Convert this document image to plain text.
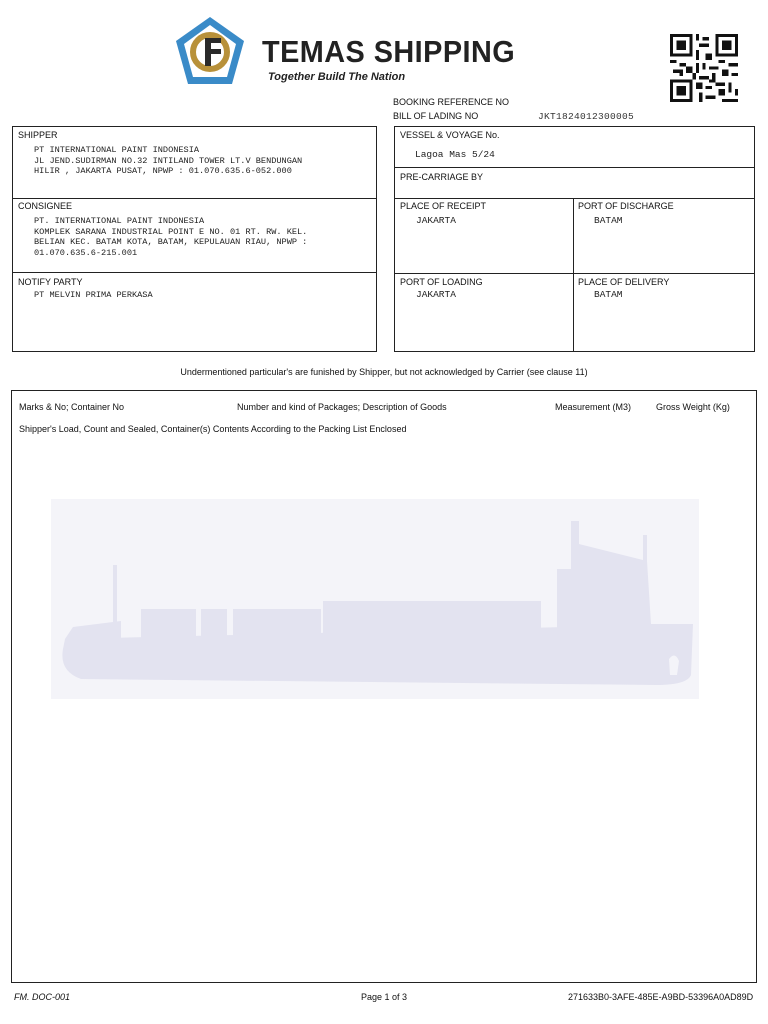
TEMAS SHIPPING
Together Build The Nation
BOOKING REFERENCE NO
BILL OF LADING NO	JKT1824012300005
SHIPPER
PT INTERNATIONAL PAINT INDONESIA
JL JEND.SUDIRMAN NO.32 INTILAND TOWER LT.V BENDUNGAN
HILIR , JAKARTA PUSAT, NPWP : 01.070.635.6-052.000
CONSIGNEE
PT. INTERNATIONAL PAINT INDONESIA
KOMPLEK SARANA INDUSTRIAL POINT E NO. 01 RT. RW. KEL.
BELIAN KEC. BATAM KOTA, BATAM, KEPULAUAN RIAU, NPWP :
01.070.635.6-215.001
NOTIFY PARTY
PT MELVIN PRIMA PERKASA
VESSEL & VOYAGE No.
Lagoa Mas 5/24
PRE-CARRIAGE BY
PLACE OF RECEIPT
JAKARTA
PORT OF DISCHARGE
BATAM
PORT OF LOADING
JAKARTA
PLACE OF DELIVERY
BATAM
Undermentioned particular's are funished by Shipper, but not acknowledged by Carrier (see clause 11)
Marks & No; Container No	Number and kind of Packages; Description of Goods	Measurement (M3)	Gross Weight (Kg)
Shipper's Load, Count and Sealed, Container(s) Contents According to the Packing List Enclosed
FM. DOC-001	Page 1 of 3	271633B0-3AFE-485E-A9BD-53396A0AD89D
